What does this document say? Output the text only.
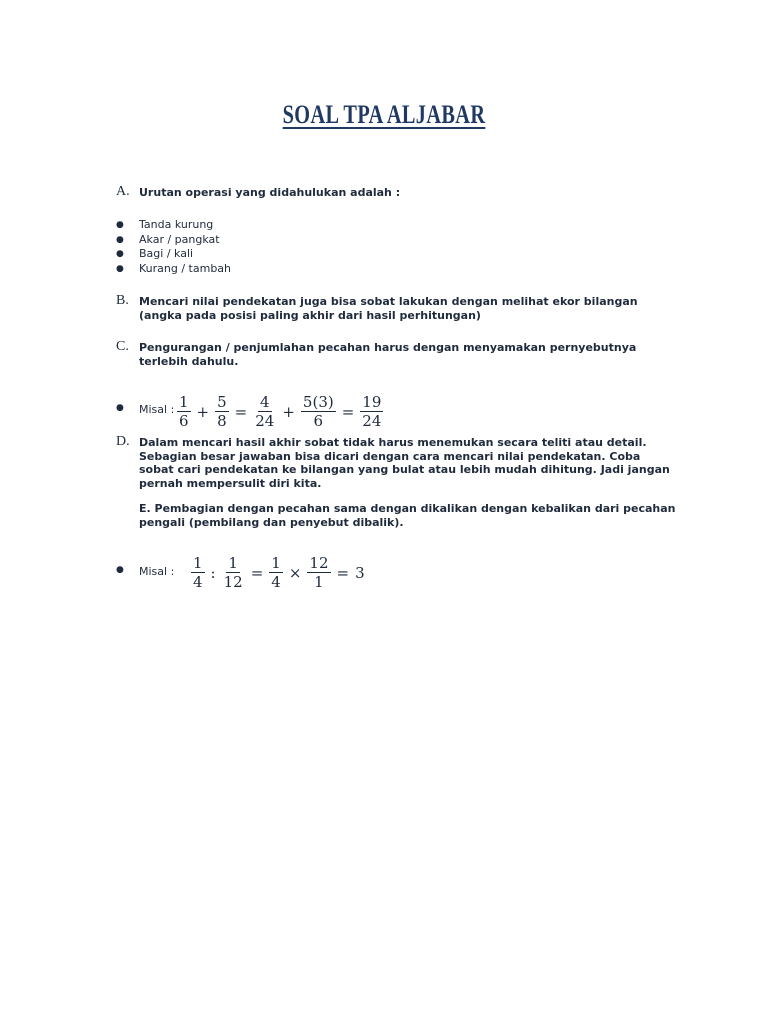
SOAL TPA ALJABAR
A. Urutan operasi yang didahulukan adalah :
● Tanda kurung
● Akar / pangkat
● Bagi / kali
● Kurang / tambah
B. Mencari nilai pendekatan juga bisa sobat lakukan dengan melihat ekor bilangan (angka pada posisi paling akhir dari hasil perhitungan)
C. Pengurangan / penjumlahan pecahan harus dengan menyamakan pernyebutnya terlebih dahulu.
● Misal : $\frac{1}{6} + \frac{5}{8} = \frac{4}{24} + \frac{5(3)}{6} = \frac{19}{24}$
D. Dalam mencari hasil akhir sobat tidak harus menemukan secara teliti atau detail. Sebagian besar jawaban bisa dicari dengan cara mencari nilai pendekatan. Coba sobat cari pendekatan ke bilangan yang bulat atau lebih mudah dihitung. Jadi jangan pernah mempersulit diri kita.
E. Pembagian dengan pecahan sama dengan dikalikan dengan kebalikan dari pecahan pengali (pembilang dan penyebut dibalik).
● Misal : $\frac{1}{4}$ : $\frac{1}{12} = \frac{1}{4} \times \frac{12}{1} = 3$
